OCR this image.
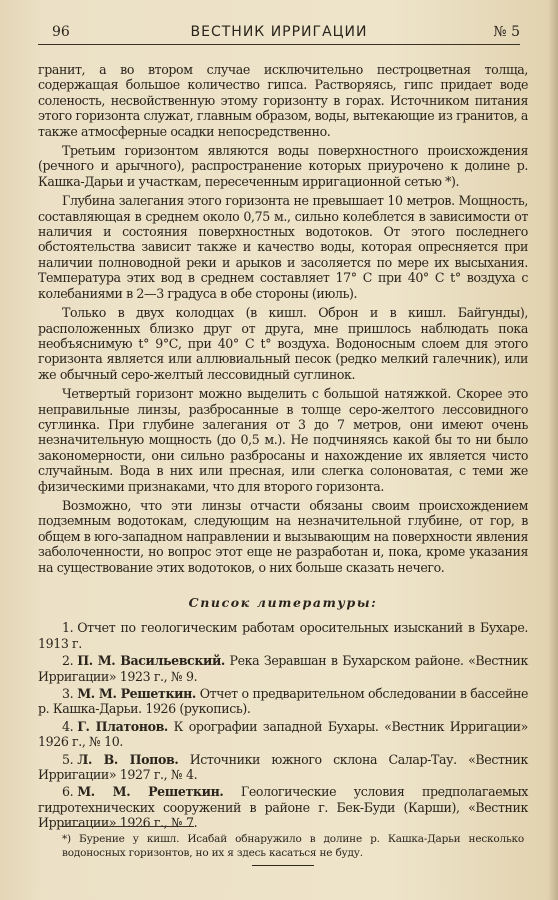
96	ВЕСТНИК ИРРИГАЦИИ	№ 5

гранит, а во втором случае исключительно пестроцветная толща, содержащая большое количество гипса. Растворяясь, гипс придает воде соленость, несвойственную этому горизонту в горах. Источником питания этого горизонта служат, главным образом, воды, вытекающие из гранитов, а также атмосферные осадки непосредственно.

Третьим горизонтом являются воды поверхностного происхождения (речного и арычного), распространение которых приурочено к долине р. Кашка-Дарьи и участкам, пересеченным ирригационной сетью *).

Глубина залегания этого горизонта не превышает 10 метров. Мощность, составляющая в среднем около 0,75 м., сильно колеблется в зависимости от наличия и состояния поверхностных водотоков. От этого последнего обстоятельства зависит также и качество воды, которая опресняется при наличии полноводной реки и арыков и засоляется по мере их высыхания. Температура этих вод в среднем составляет 17° С при 40° С t° воздуха с колебаниями в 2—3 градуса в обе стороны (июль).

Только в двух колодцах (в кишл. Оброн и в кишл. Байгунды), расположенных близко друг от друга, мне пришлось наблюдать пока необъяснимую t° 9°С, при 40° С t° воздуха. Водоносным слоем для этого горизонта является или аллювиальный песок (редко мелкий галечник), или же обычный серо-желтый лессовидный суглинок.

Четвертый горизонт можно выделить с большой натяжкой. Скорее это неправильные линзы, разбросанные в толще серо-желтого лессовидного суглинка. При глубине залегания от 3 до 7 метров, они имеют очень незначительную мощность (до 0,5 м.). Не подчиняясь какой бы то ни было закономерности, они сильно разбросаны и нахождение их является чисто случайным. Вода в них или пресная, или слегка солоноватая, с теми же физическими признаками, что для второго горизонта.

Возможно, что эти линзы отчасти обязаны своим происхождением подземным водотокам, следующим на незначительной глубине, от гор, в общем в юго-западном направлении и вызывающим на поверхности явления заболоченности, но вопрос этот еще не разработан и, пока, кроме указания на существование этих водотоков, о них больше сказать нечего.

Список литературы:
1. Отчет по геологическим работам оросительных изысканий в Бухаре. 1913 г.
2. П. М. Васильевский. Река Зеравшан в Бухарском районе. «Вестник Ирригации» 1923 г., № 9.
3. М. М. Решеткин. Отчет о предварительном обследовании в бассейне р. Кашка-Дарьи. 1926 (рукопись).
4. Г. Платонов. К орографии западной Бухары. «Вестник Ирригации» 1926 г., № 10.
5. Л. В. Попов. Источники южного склона Салар-Тау. «Вестник Ирригации» 1927 г., № 4.
6. М. М. Решеткин. Геологические условия предполагаемых гидротехнических сооружений в районе г. Бек-Буди (Карши), «Вестник Ирригации» 1926 г., № 7.
*) Бурение у кишл. Исабай обнаружило в долине р. Кашка-Дарьи несколько водоносных горизонтов, но их я здесь касаться не буду.
